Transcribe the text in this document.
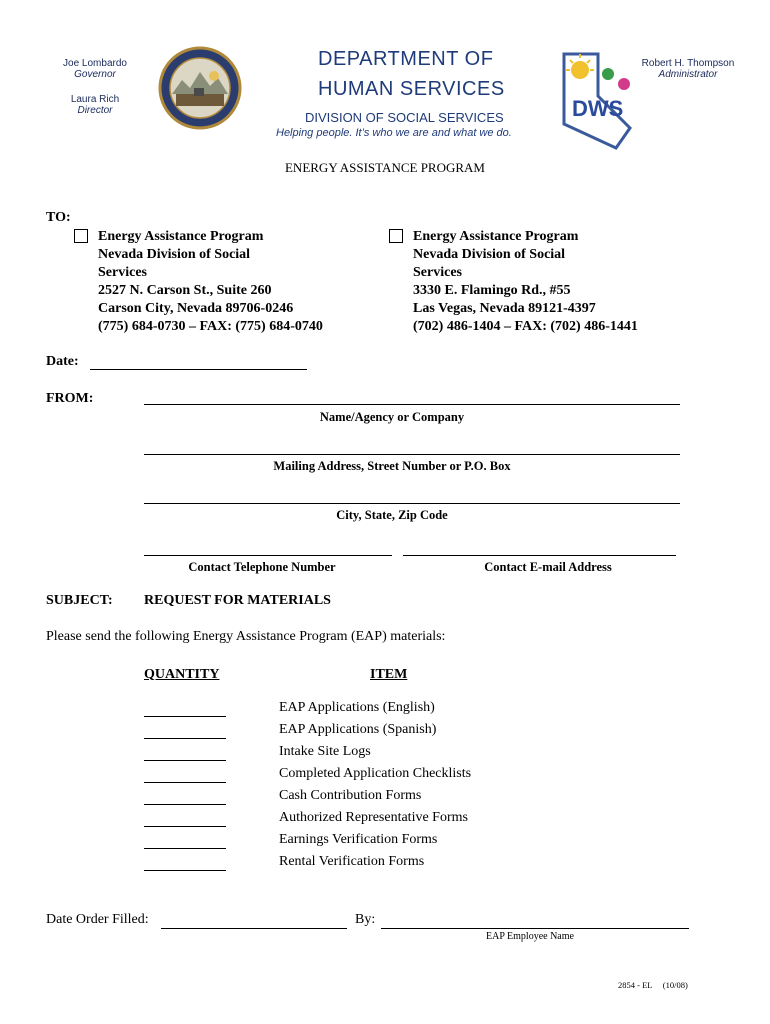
Joe Lombardo
Governor
Laura Rich
Director
DEPARTMENT OF
HUMAN SERVICES
DIVISION OF SOCIAL SERVICES
Helping people. It’s who we are and what we do.
DWS
Robert H. Thompson
Administrator
ENERGY ASSISTANCE PROGRAM
TO:
Energy Assistance Program
Nevada Division of Social
Services
2527 N. Carson St., Suite 260
Carson City, Nevada 89706-0246
(775) 684-0730 – FAX: (775) 684-0740
Energy Assistance Program
Nevada Division of Social
Services
3330 E. Flamingo Rd., #55
Las Vegas, Nevada 89121-4397
(702) 486-1404 – FAX: (702) 486-1441
Date:
FROM:
Name/Agency or Company
Mailing Address, Street Number or P.O. Box
City, State, Zip Code
Contact Telephone Number	Contact E-mail Address
SUBJECT: REQUEST FOR MATERIALS
Please send the following Energy Assistance Program (EAP) materials:
QUANTITY	ITEM
EAP Applications (English)
EAP Applications (Spanish)
Intake Site Logs
Completed Application Checklists
Cash Contribution Forms
Authorized Representative Forms
Earnings Verification Forms
Rental Verification Forms
Date Order Filled:	By:
EAP Employee Name
2854 - EL     (10/08)
